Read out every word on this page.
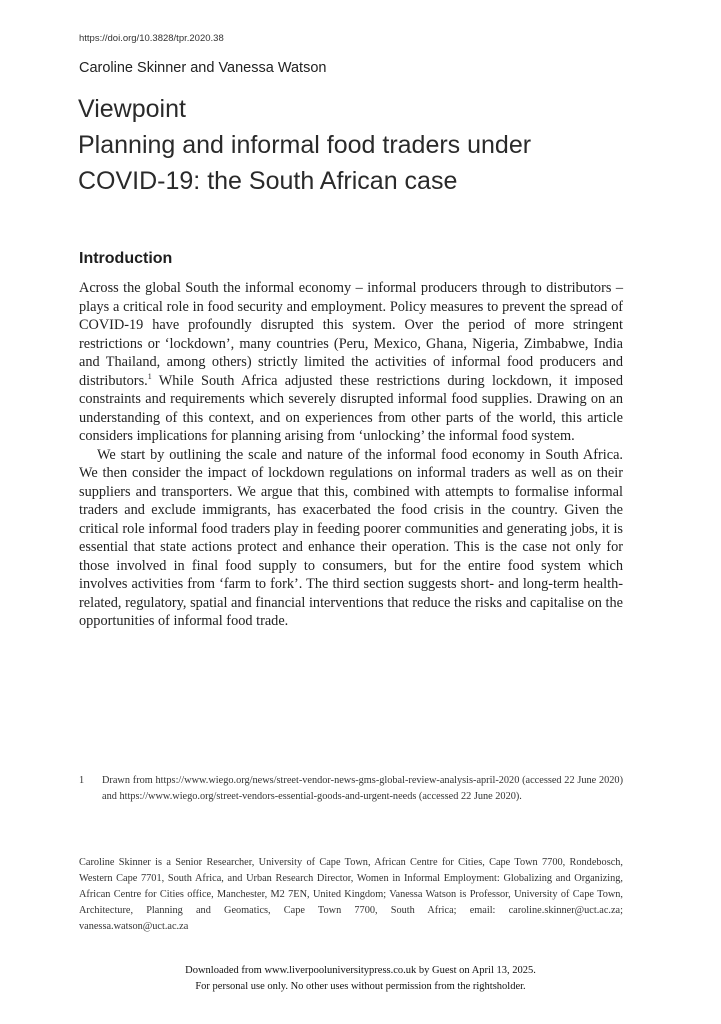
https://doi.org/10.3828/tpr.2020.38
Caroline Skinner and Vanessa Watson
Viewpoint
Planning and informal food traders under
COVID-19: the South African case
Introduction

Across the global South the informal economy – informal producers through to distributors – plays a critical role in food security and employment. Policy measures to prevent the spread of COVID-19 have profoundly disrupted this system. Over the period of more stringent restrictions or ‘lockdown’, many countries (Peru, Mexico, Ghana, Nigeria, Zimbabwe, India and Thailand, among others) strictly limited the activities of informal food producers and distributors.$^1$ While South Africa adjusted these restrictions during lockdown, it imposed constraints and requirements which severely disrupted informal food supplies. Drawing on an understanding of this context, and on experiences from other parts of the world, this article considers implications for planning arising from ‘unlocking’ the informal food system.

We start by outlining the scale and nature of the informal food economy in South Africa. We then consider the impact of lockdown regulations on informal traders as well as on their suppliers and transporters. We argue that this, combined with attempts to formalise informal traders and exclude immigrants, has exacerbated the food crisis in the country. Given the critical role informal food traders play in feeding poorer communities and generating jobs, it is essential that state actions protect and enhance their operation. This is the case not only for those involved in final food supply to consumers, but for the entire food system which involves activities from ‘farm to fork’. The third section suggests short- and long-term health-related, regulatory, spatial and financial interventions that reduce the risks and capitalise on the opportunities of informal food trade.

1 Drawn from https://www.wiego.org/news/street-vendor-news-gms-global-review-analysis-april-2020 (accessed 22 June 2020) and https://www.wiego.org/street-vendors-essential-goods-and-urgent-needs (accessed 22 June 2020).
Caroline Skinner is a Senior Researcher, University of Cape Town, African Centre for Cities, Cape Town 7700, Rondebosch, Western Cape 7701, South Africa, and Urban Research Director, Women in Informal Employment: Globalizing and Organizing, African Centre for Cities office, Manchester, M2 7EN, United Kingdom; Vanessa Watson is Professor, University of Cape Town, Architecture, Planning and Geomatics, Cape Town 7700, South Africa; email: caroline.skinner@uct.ac.za; vanessa.watson@uct.ac.za
Downloaded from www.liverpooluniversitypress.co.uk by Guest on April 13, 2025.
For personal use only. No other uses without permission from the rightsholder.
